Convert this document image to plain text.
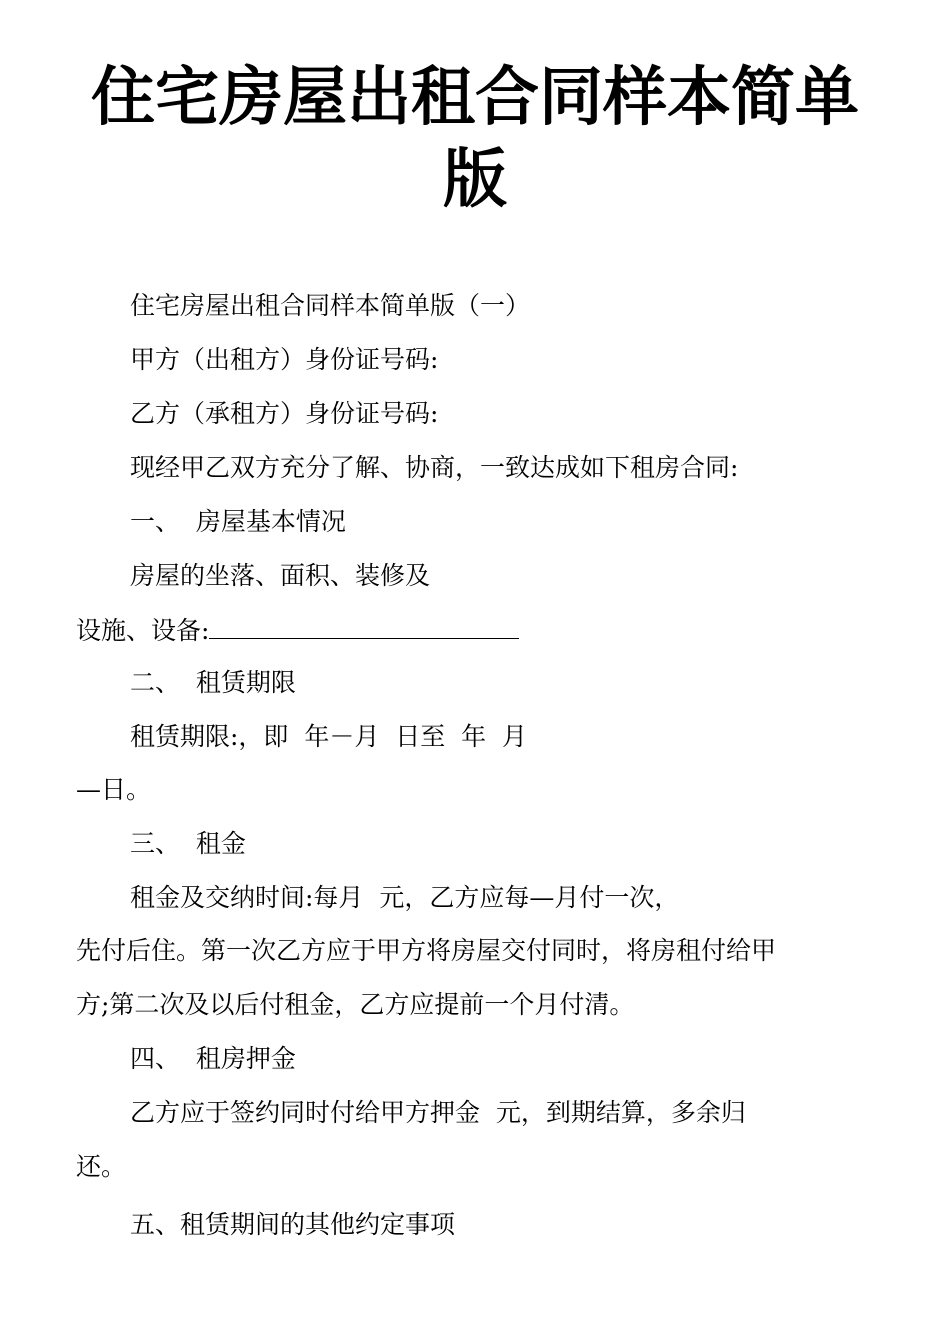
住宅房屋出租合同样本简单
版
住宅房屋出租合同样本简单版（一）
甲方（出租方）身份证号码:
乙方（承租方）身份证号码:
现经甲乙双方充分了解、协商，一致达成如下租房合同:
一、  房屋基本情况
房屋的坐落、面积、装修及
设施、设备:
二、  租赁期限
租赁期限:，即  年－月  日至  年  月
—日。
三、  租金
租金及交纳时间:每月  元，乙方应每—月付一次，
先付后住。第一次乙方应于甲方将房屋交付同时，将房租付给甲
方;第二次及以后付租金，乙方应提前一个月付清。
四、  租房押金
乙方应于签约同时付给甲方押金  元，到期结算，多余归
还。
五、租赁期间的其他约定事项
